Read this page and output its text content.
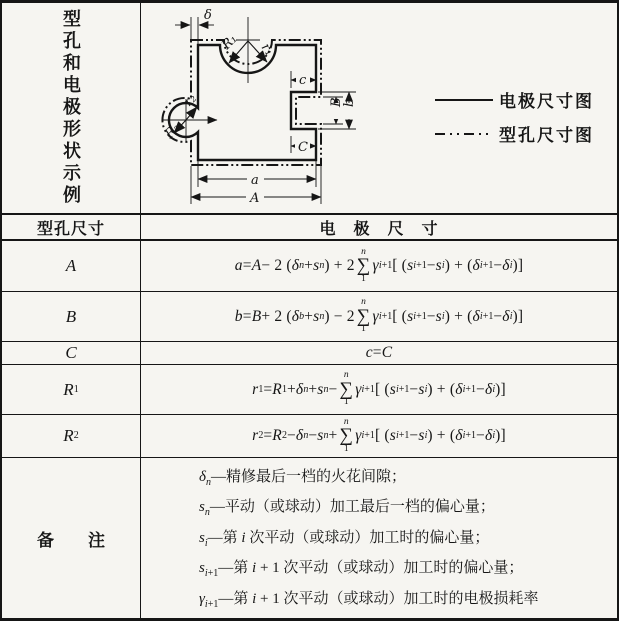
型孔和电极形状示例	δ
R₁ r₁
R₂
r₂
c
C
B
b
a
A
电极尺寸图
型孔尺寸图
型孔尺寸	电　极　尺　寸
A	a = A − 2 ( δ n + s n ) + 2
n
∑
1
γ i+1 [ ( s i+1 − s i ) + ( δ i+1 − δ i )]
B	b = B + 2 ( δ b + s n ) − 2
n
∑
1
γ i+1 [ ( s i+1 − s i ) + ( δ i+1 − δ i )]
C	c = C
R 1	r 1 = R 1 + δ n + s n −
n
∑
1
γ i+1 [ ( s i+1 − s i ) + ( δ i+1 − δ i )]
R 2	r 2 = R 2 − δ n − s n +
n
∑
1
γ i+1 [ ( s i+1 − s i ) + ( δ i+1 − δ i )]
备　　注
$\delta_n—$精修最后一档的火花间隙；
$s_n—$平动（或球动）加工最后一档的偏心量；
$s_i—$第 i 次平动（或球动）加工时的偏心量；
$s_{i+1}—$第 i + 1 次平动（或球动）加工时的偏心量；
$\gamma_{i+1}—$第 i + 1 次平动（或球动）加工时的电极损耗率
